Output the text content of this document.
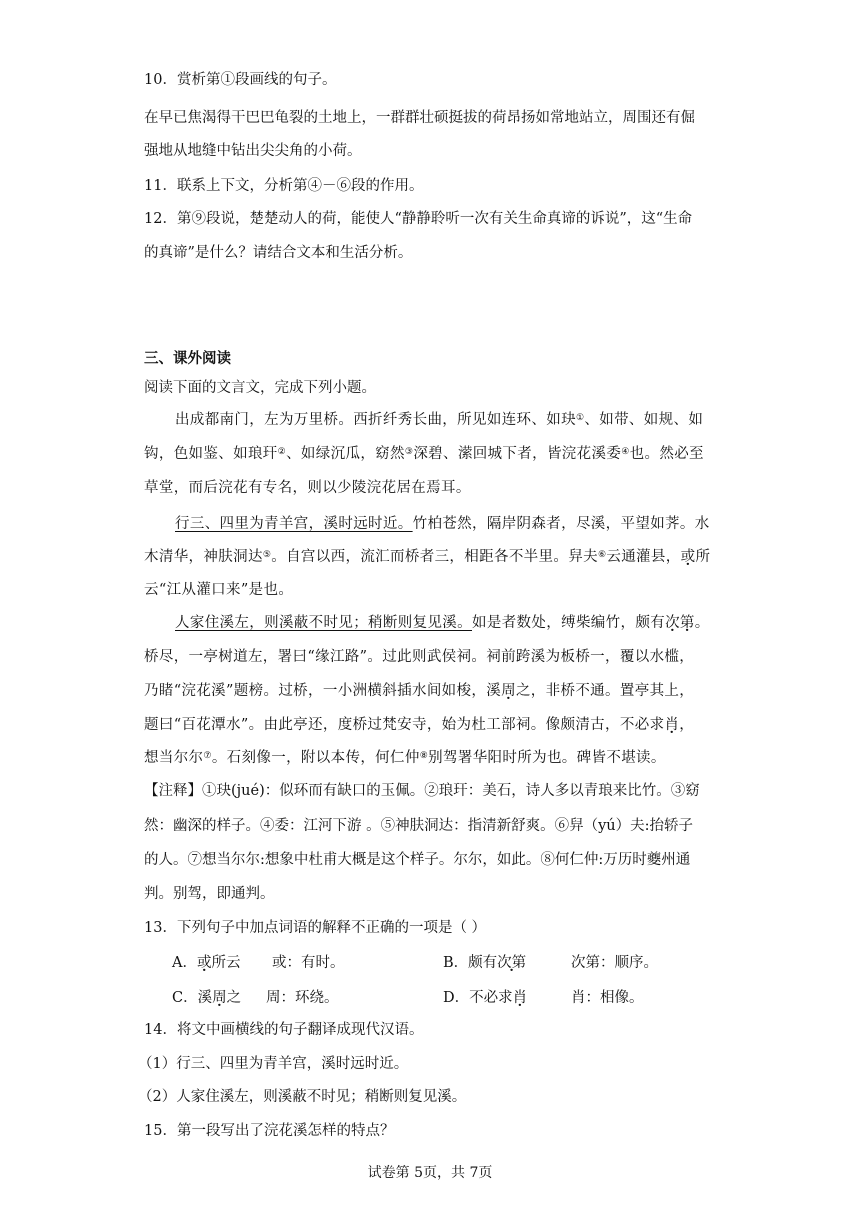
10．赏析第①段画线的句子。
在早已焦渴得干巴巴龟裂的土地上，一群群壮硕挺拔的荷昂扬如常地站立，周围还有倔
强地从地缝中钻出尖尖角的小荷。
11．联系上下文，分析第④－⑥段的作用。
12．第⑨段说，楚楚动人的荷，能使人“静静聆听一次有关生命真谛的诉说”，这“生命
的真谛”是什么？请结合文本和生活分析。
三、课外阅读
阅读下面的文言文，完成下列小题。
出成都南门，左为万里桥。西折纤秀长曲，所见如连环、如玦①、如带、如规、如
钩，色如鉴、如琅玕②、如绿沉瓜，窈然③深碧、潆回城下者，皆浣花溪委④也。然必至
草堂，而后浣花有专名，则以少陵浣花居在焉耳。
行三、四里为青羊宫，溪时远时近。竹柏苍然，隔岸阴森者，尽溪，平望如荠。水
木清华，神肤洞达⑤。自宫以西，流汇而桥者三，相距各不半里。舁夫⑥云通灌县，或所
云“江从灌口来”是也。
人家住溪左，则溪蔽不时见；稍断则复见溪。如是者数处，缚柴编竹，颇有次第。
桥尽，一亭树道左，署曰“缘江路”。过此则武侯祠。祠前跨溪为板桥一，覆以水槛，
乃睹“浣花溪”题榜。过桥，一小洲横斜插水间如梭，溪周之，非桥不通。置亭其上，
题曰“百花潭水”。由此亭还，度桥过梵安寺，始为杜工部祠。像颇清古，不必求肖，
想当尔尔⑦。石刻像一，附以本传，何仁仲⑧别驾署华阳时所为也。碑皆不堪读。
【注释】①玦(jué)：似环而有缺口的玉佩。②琅玕：美石，诗人多以青琅来比竹。③窈
然：幽深的样子。④委：江河下游 。⑤神肤洞达：指清新舒爽。⑥舁（yú）夫:抬轿子
的人。⑦想当尔尔:想象中杜甫大概是这个样子。尔尔，如此。⑧何仁仲:万历时夔州通
判。别驾，即通判。
13．下列句子中加点词语的解释不正确的一项是（ ）
A．或所云 或：有时。	B．颇有次第	次第：顺序。
C．溪周之 周：环绕。	D．不必求肖	肖：相像。
14．将文中画横线的句子翻译成现代汉语。
（1）行三、四里为青羊宫，溪时远时近。
（2）人家住溪左，则溪蔽不时见；稍断则复见溪。
15．第一段写出了浣花溪怎样的特点？
试卷第 5页，共 7页
